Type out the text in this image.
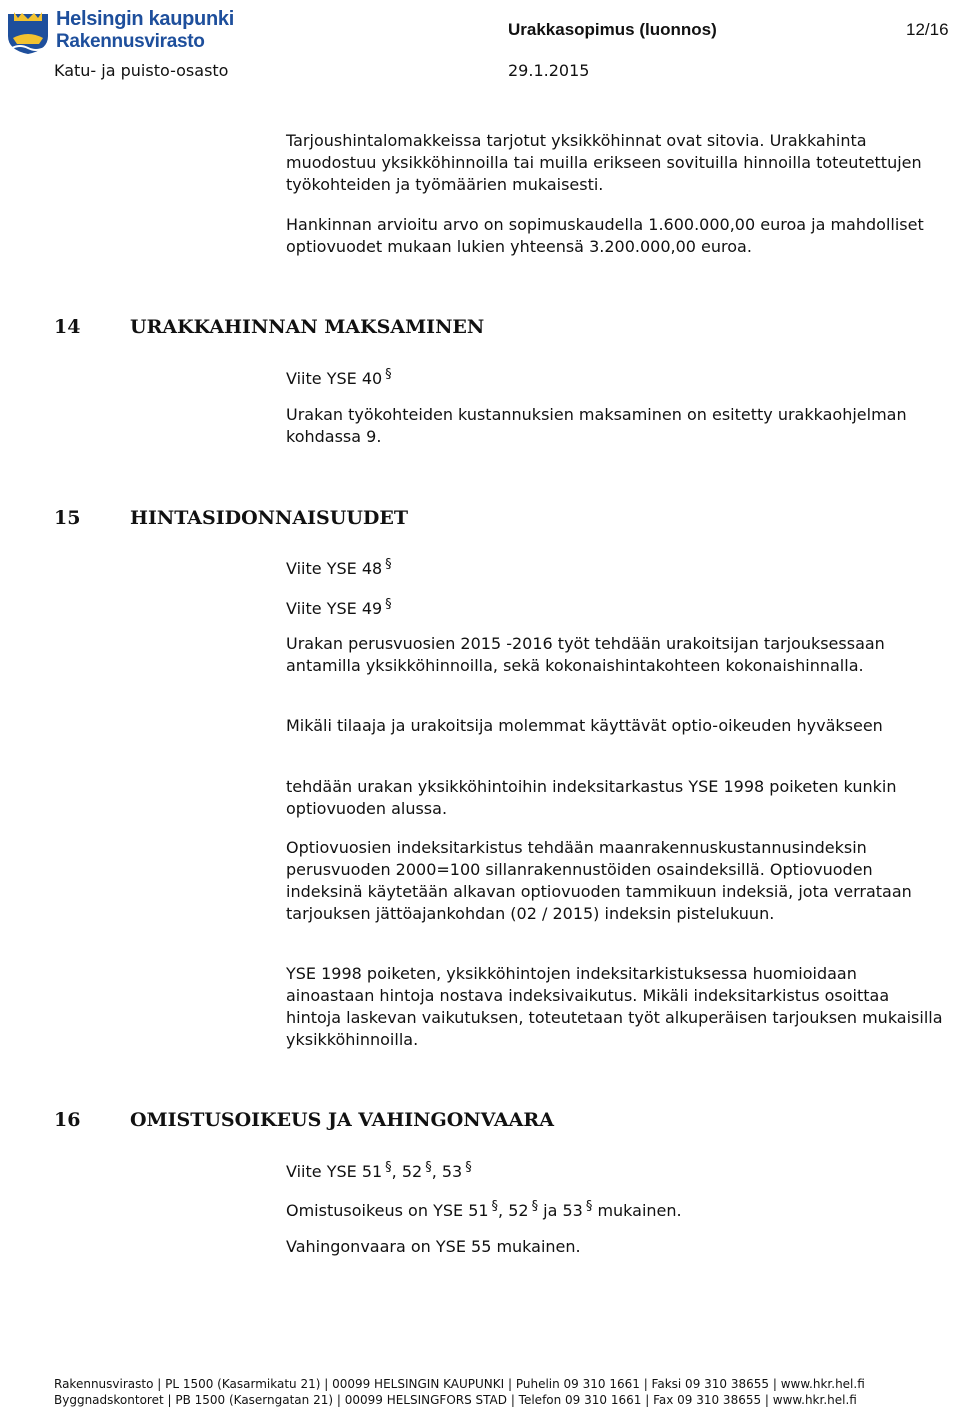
Helsingin kaupunki
Rakennusvirasto
Urakkasopimus (luonnos)	12/16
Katu- ja puisto-osasto	29.1.2015

Tarjoushintalomakkeissa tarjotut yksikköhinnat ovat sitovia. Urakkahinta muodostuu yksikköhinnoilla tai muilla erikseen sovituilla hinnoilla toteutettujen työkohteiden ja työmäärien mukaisesti.

Hankinnan arvioitu arvo on sopimuskaudella 1.600.000,00 euroa ja mahdolliset optiovuodet mukaan lukien yhteensä 3.200.000,00 euroa.

14	URAKKAHINNAN MAKSAMINEN

Viite YSE 40 §

Urakan työkohteiden kustannuksien maksaminen on esitetty urakkaohjelman kohdassa 9.

15	HINTASIDONNAISUUDET

Viite YSE 48 §

Viite YSE 49 §

Urakan perusvuosien 2015 -2016 työt tehdään urakoitsijan tarjouksessaan antamilla yksikköhinnoilla, sekä kokonaishintakohteen kokonaishinnalla.

Mikäli tilaaja ja urakoitsija molemmat käyttävät optio-oikeuden hyväkseen

tehdään urakan yksikköhintoihin indeksitarkastus YSE 1998 poiketen kunkin optiovuoden alussa.

Optiovuosien indeksitarkistus tehdään maanrakennuskustannusindeksin perusvuoden 2000=100 sillanrakennustöiden osaindeksillä. Optiovuoden indeksinä käytetään alkavan optiovuoden tammikuun indeksiä, jota verrataan tarjouksen jättöajankohdan (02 / 2015) indeksin pistelukuun.

YSE 1998 poiketen, yksikköhintojen indeksitarkistuksessa huomioidaan ainoastaan hintoja nostava indeksivaikutus. Mikäli indeksitarkistus osoittaa hintoja laskevan vaikutuksen, toteutetaan työt alkuperäisen tarjouksen mukaisilla yksikköhinnoilla.

16	OMISTUSOIKEUS JA VAHINGONVAARA

Viite YSE 51 §, 52 §, 53 §

Omistusoikeus on YSE 51 §, 52 § ja 53 § mukainen.

Vahingonvaara on YSE 55 mukainen.

Rakennusvirasto | PL 1500 (Kasarmikatu 21) | 00099 HELSINGIN KAUPUNKI | Puhelin 09 310 1661 | Faksi 09 310 38655 | www.hkr.hel.fi
Byggnadskontoret | PB 1500 (Kaserngatan 21) | 00099 HELSINGFORS STAD | Telefon 09 310 1661 | Fax 09 310 38655 | www.hkr.hel.fi
